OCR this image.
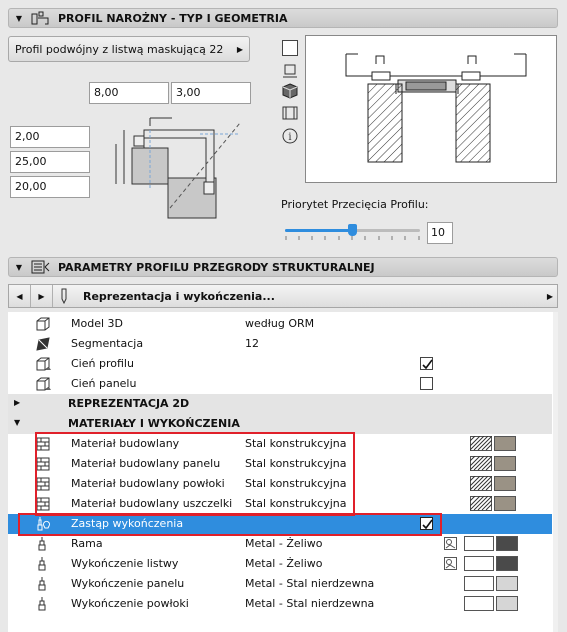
▼	PROFIL NAROŻNY - TYP I GEOMETRIA
Profil podwójny z listwą maskującą 22 ▶
8,00	3,00
2,00
25,00
20,00
i
Priorytet Przecięcia Profilu:
10
▼	PARAMETRY PROFILU PRZEGRODY STRUKTURALNEJ
◀	▶	Reprezentacja i wykończenia...	▶
Model 3D	według ORM
Segmentacja	12
Cień profilu
Cień panelu
▶	REPREZENTACJA 2D
▼	MATERIAŁY I WYKOŃCZENIA
Materiał budowlany	Stal konstrukcyjna
Materiał budowlany panelu Stal konstrukcyjna
Materiał budowlany powłoki Stal konstrukcyjna
Materiał budowlany uszczelki Stal konstrukcyjna
Zastąp wykończenia
Rama	Metal - Żeliwo
Wykończenie listwy	Metal - Żeliwo
Wykończenie panelu	Metal - Stal nierdzewna
Wykończenie powłoki	Metal - Stal nierdzewna
